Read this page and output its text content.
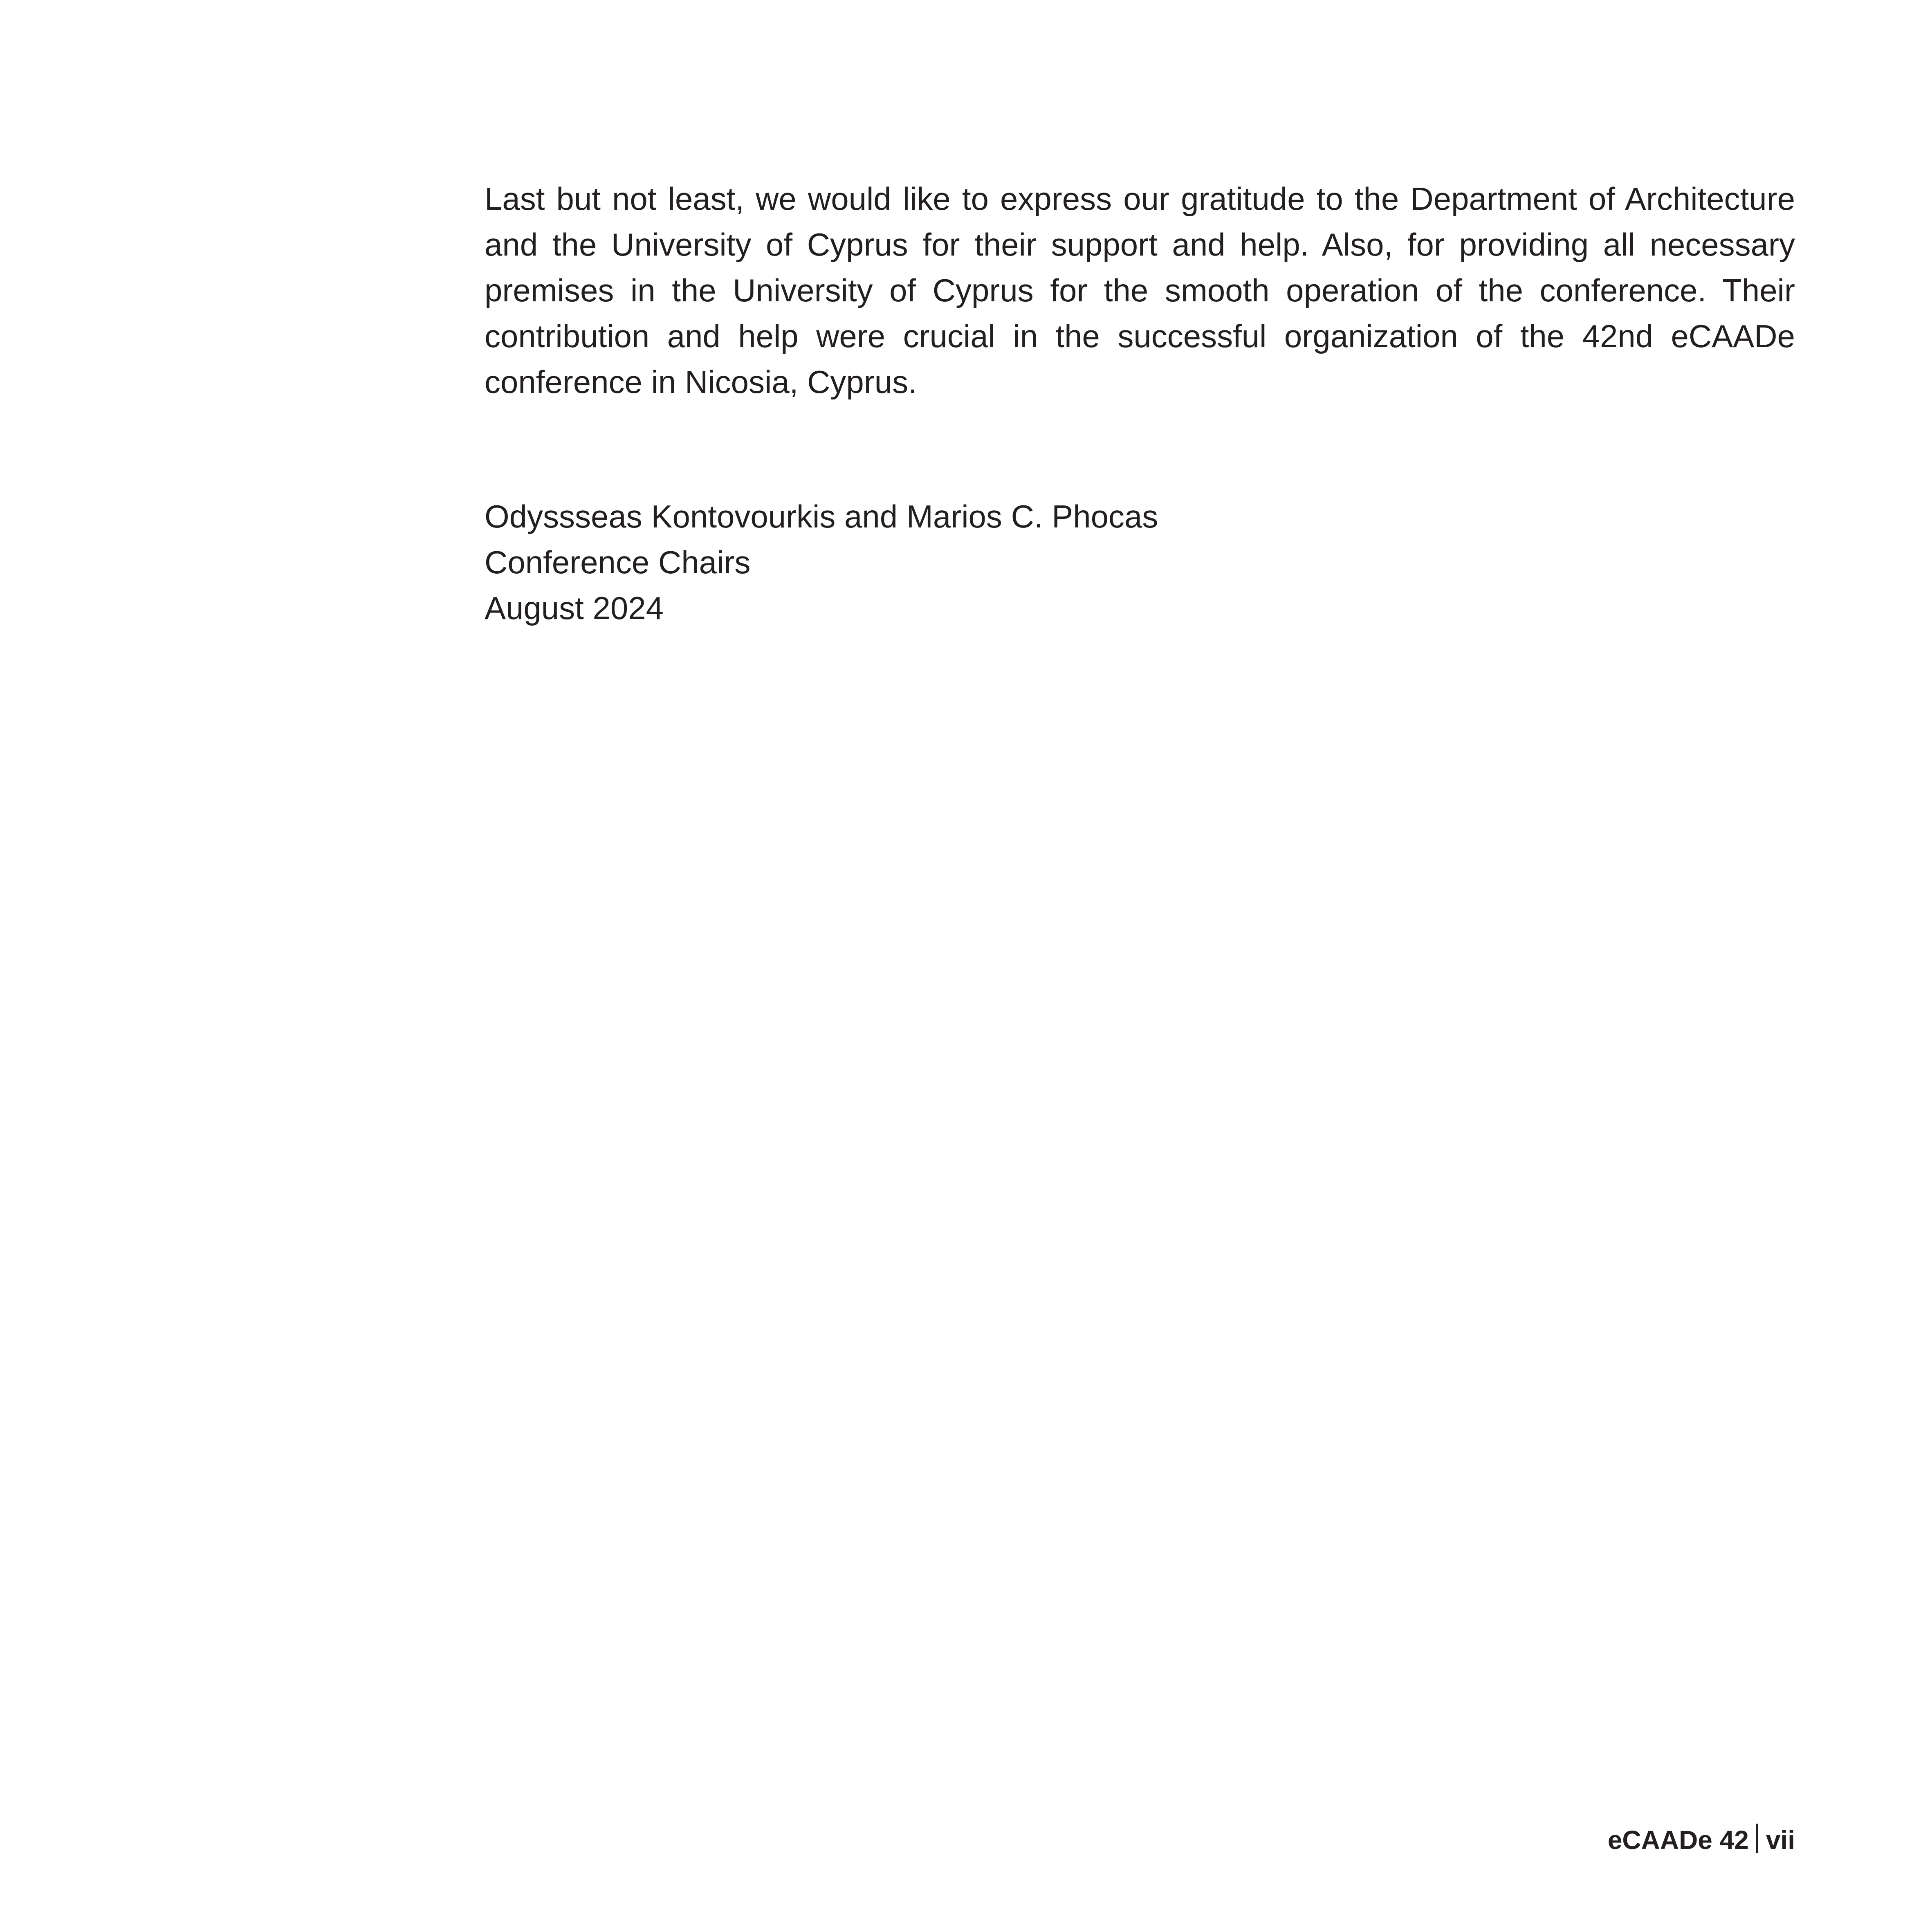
Last but not least, we would like to express our gratitude to the Department of Architecture and the University of Cyprus for their support and help. Also, for providing all necessary premises in the University of Cyprus for the smooth operation of the conference. Their contribution and help were crucial in the successful organization of the 42nd eCAADe conference in Nicosia, Cyprus.

Odyssseas Kontovourkis and Marios C. Phocas
Conference Chairs
August 2024
eCAADe 42 vii
